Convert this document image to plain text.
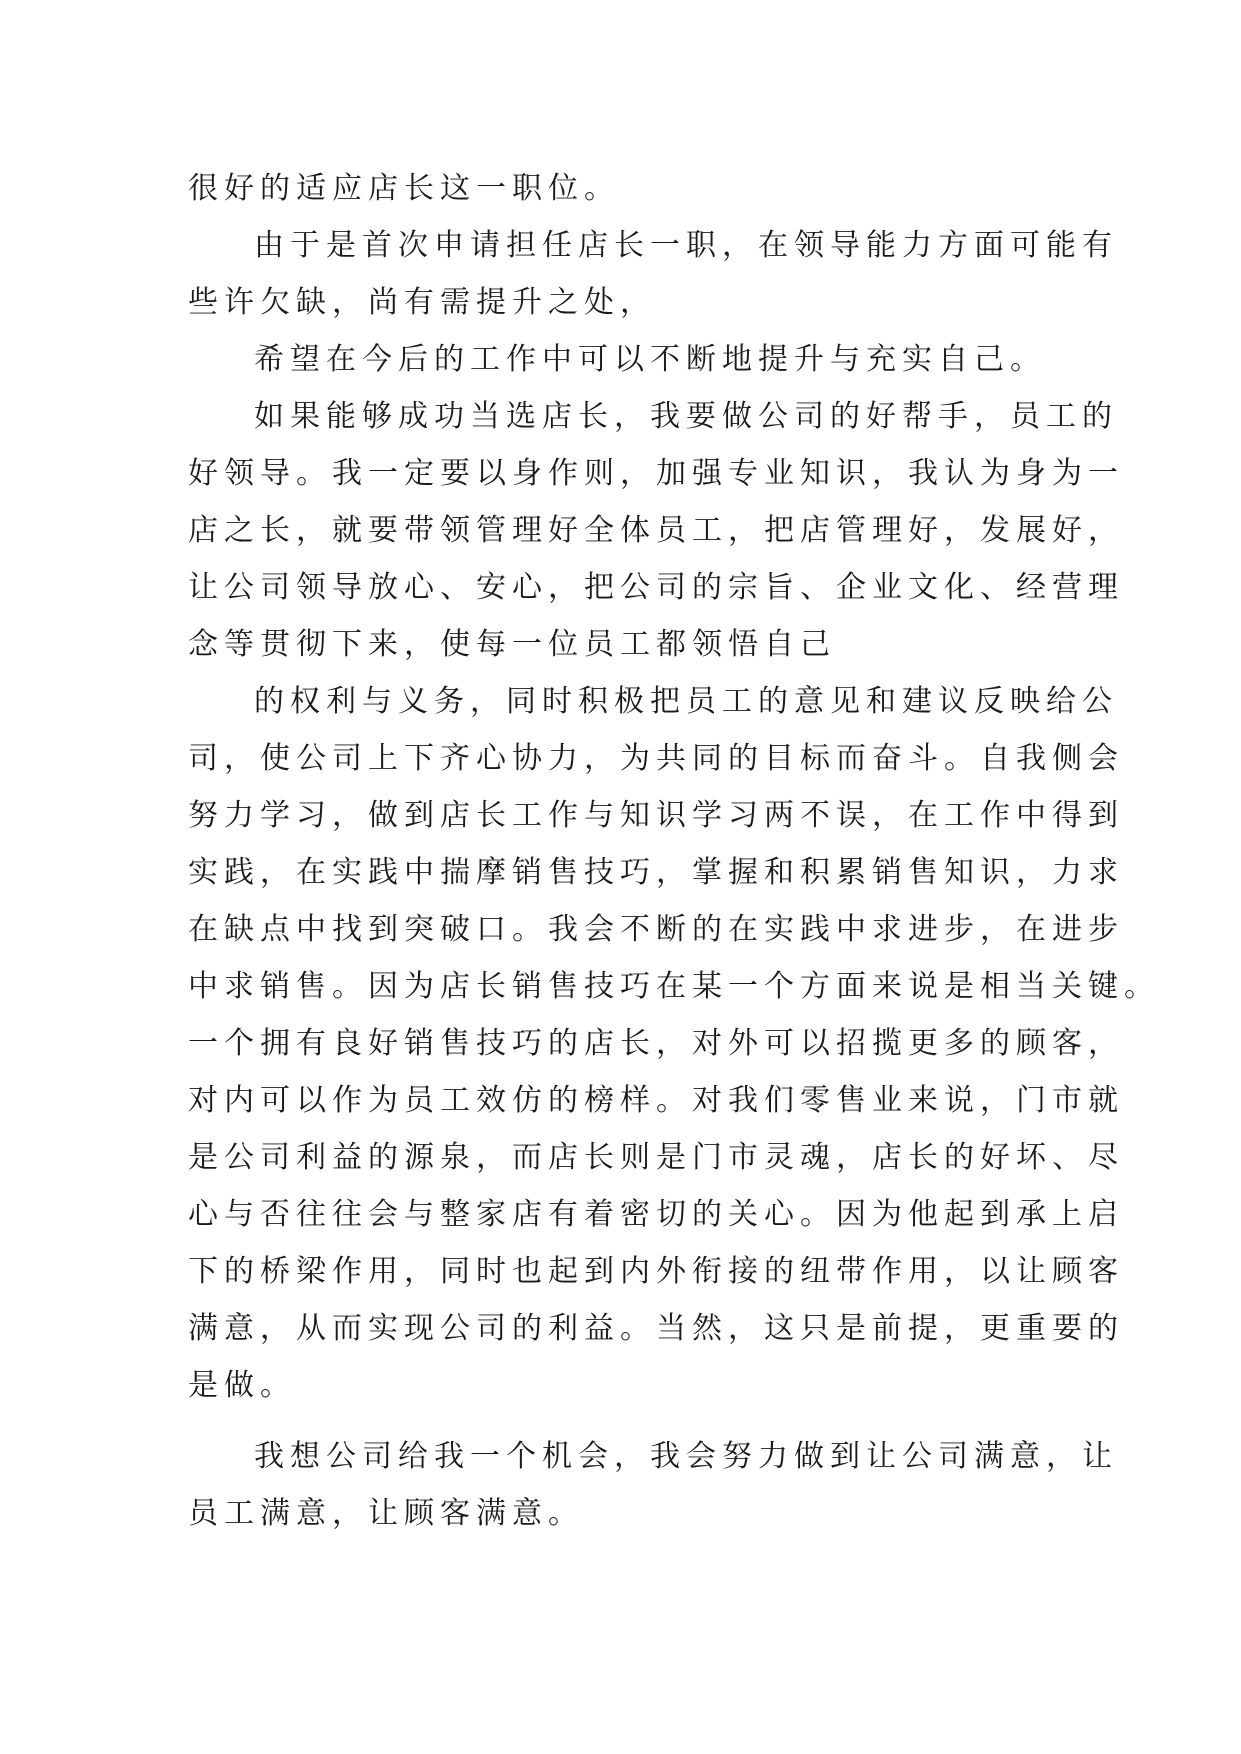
很好的适应店长这一职位。
由于是首次申请担任店长一职，在领导能力方面可能有
些许欠缺，尚有需提升之处，
希望在今后的工作中可以不断地提升与充实自己。
如果能够成功当选店长，我要做公司的好帮手，员工的
好领导。我一定要以身作则，加强专业知识，我认为身为一
店之长，就要带领管理好全体员工，把店管理好，发展好，
让公司领导放心、安心，把公司的宗旨、企业文化、经营理
念等贯彻下来，使每一位员工都领悟自己
的权利与义务，同时积极把员工的意见和建议反映给公
司，使公司上下齐心协力，为共同的目标而奋斗。自我侧会
努力学习，做到店长工作与知识学习两不误，在工作中得到
实践，在实践中揣摩销售技巧，掌握和积累销售知识，力求
在缺点中找到突破口。我会不断的在实践中求进步，在进步
中求销售。因为店长销售技巧在某一个方面来说是相当关键。
一个拥有良好销售技巧的店长，对外可以招揽更多的顾客，
对内可以作为员工效仿的榜样。对我们零售业来说，门市就
是公司利益的源泉，而店长则是门市灵魂，店长的好坏、尽
心与否往往会与整家店有着密切的关心。因为他起到承上启
下的桥梁作用，同时也起到内外衔接的纽带作用，以让顾客
满意，从而实现公司的利益。当然，这只是前提，更重要的
是做。
我想公司给我一个机会，我会努力做到让公司满意，让
员工满意，让顾客满意。
